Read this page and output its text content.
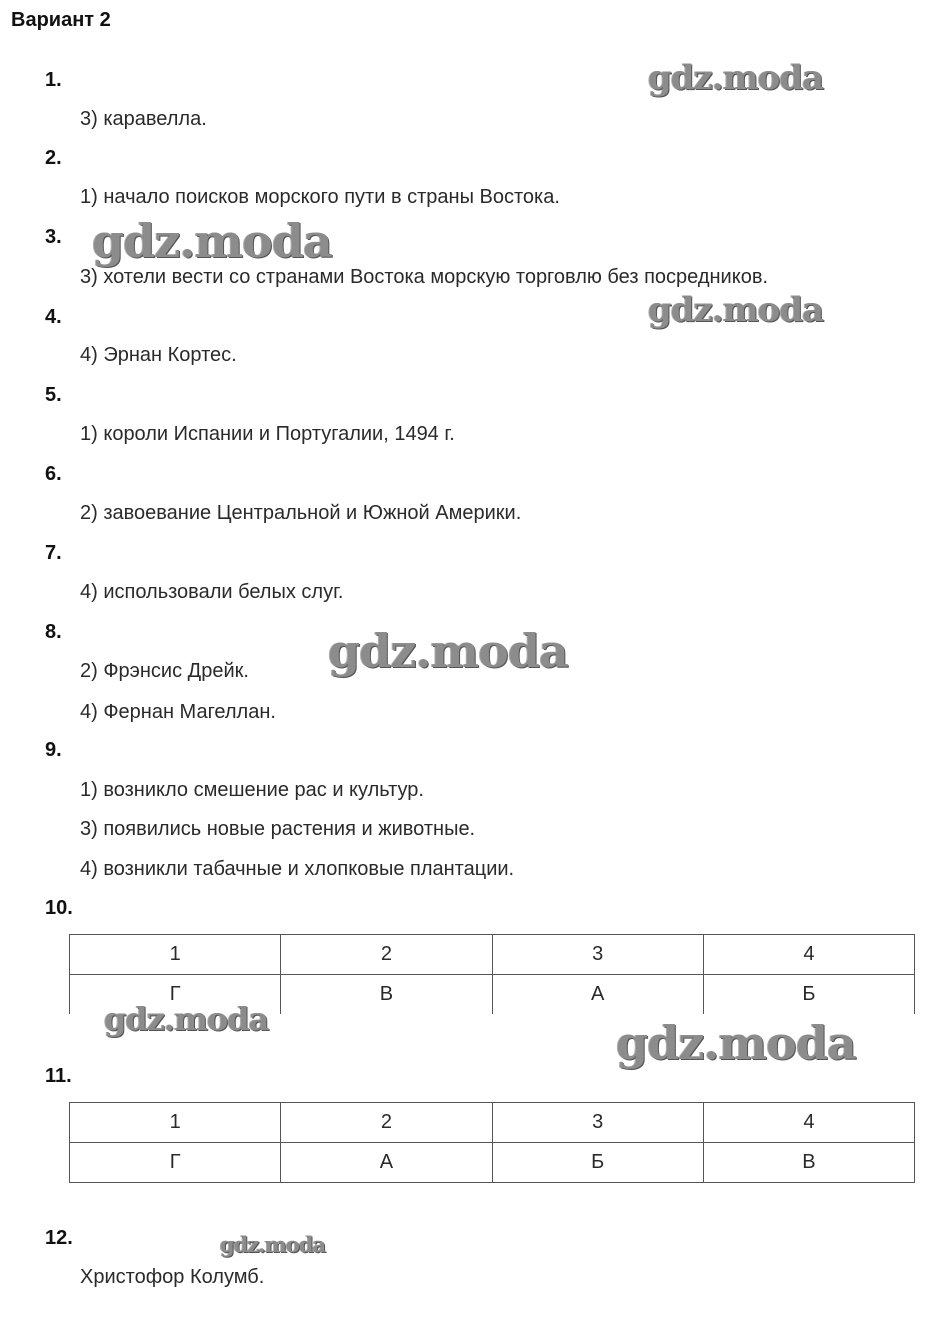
Вариант 2
1.
3) каравелла.
2.
1) начало поисков морского пути в страны Востока.
3.
3) хотели вести со странами Востока морскую торговлю без посредников.
4.
4) Эрнан Кортес.
5.
1) короли Испании и Португалии, 1494 г.
6.
2) завоевание Центральной и Южной Америки.
7.
4) использовали белых слуг.
8.
2) Фрэнсис Дрейк.
4) Фернан Магеллан.
9.
1) возникло смешение рас и культур.
3) появились новые растения и животные.
4) возникли табачные и хлопковые плантации.
10.
1	2	3	4
Г	В	А	Б
11.
1	2	3	4
Г	А	Б	В
12.
Христофор Колумб.
gdz.moda
gdz.moda
gdz.moda
gdz.moda
gdz.moda	gdz.moda
gdz.moda
